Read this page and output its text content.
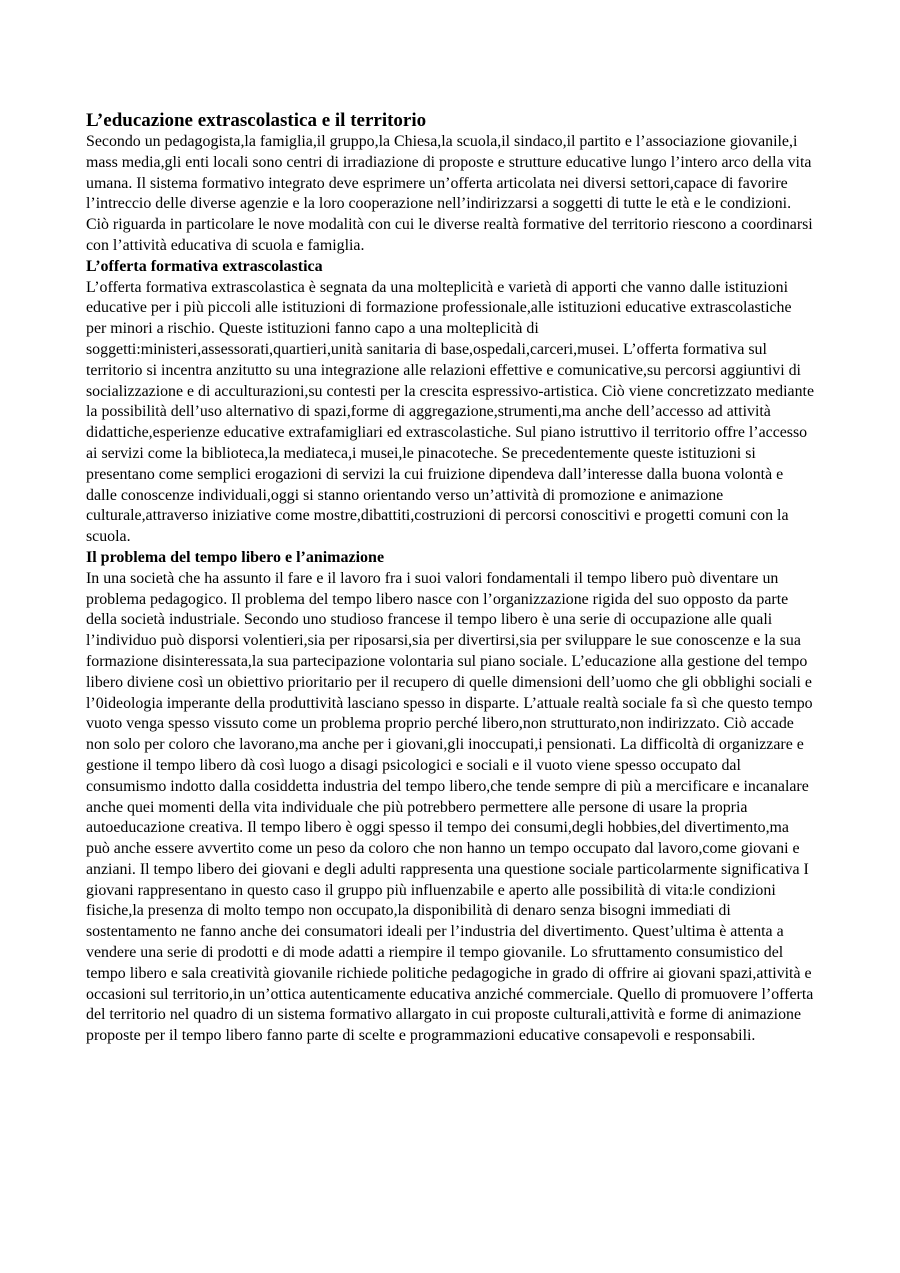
L’educazione extrascolastica e il territorio

Secondo un pedagogista,la famiglia,il gruppo,la Chiesa,la scuola,il sindaco,il partito e l’associazione giovanile,i mass media,gli enti locali sono centri di irradiazione di proposte e strutture educative lungo l’intero arco della vita umana. Il sistema formativo integrato deve esprimere un’offerta articolata nei diversi settori,capace di favorire l’intreccio delle diverse agenzie e la loro cooperazione nell’indirizzarsi a soggetti di tutte le età e le condizioni. Ciò riguarda in particolare le nove modalità con cui le diverse realtà formative del territorio riescono a coordinarsi con l’attività educativa di scuola e famiglia.

L’offerta formativa extrascolastica

L’offerta formativa extrascolastica è segnata da una molteplicità e varietà di apporti che vanno dalle istituzioni educative per i più piccoli alle istituzioni di formazione professionale,alle istituzioni educative extrascolastiche per minori a rischio. Queste istituzioni fanno capo a una molteplicità di soggetti:ministeri,assessorati,quartieri,unità sanitaria di base,ospedali,carceri,musei. L’offerta formativa sul territorio si incentra anzitutto su una integrazione alle relazioni effettive e comunicative,su percorsi aggiuntivi di socializzazione e di acculturazioni,su contesti per la crescita espressivo-artistica. Ciò viene concretizzato mediante la possibilità dell’uso alternativo di spazi,forme di aggregazione,strumenti,ma anche dell’accesso ad attività didattiche,esperienze educative extrafamigliari ed extrascolastiche. Sul piano istruttivo il territorio offre l’accesso ai servizi come la biblioteca,la mediateca,i musei,le pinacoteche. Se precedentemente queste istituzioni si presentano come semplici erogazioni di servizi la cui fruizione dipendeva dall’interesse dalla buona volontà e dalle conoscenze individuali,oggi si stanno orientando verso un’attività di promozione e animazione culturale,attraverso iniziative come mostre,dibattiti,costruzioni di percorsi conoscitivi e progetti comuni con la scuola.

Il problema del tempo libero e l’animazione

In una società che ha assunto il fare e il lavoro fra i suoi valori fondamentali il tempo libero può diventare un problema pedagogico. Il problema del tempo libero nasce con l’organizzazione rigida del suo opposto da parte della società industriale. Secondo uno studioso francese il tempo libero è una serie di occupazione alle quali l’individuo può disporsi volentieri,sia per riposarsi,sia per divertirsi,sia per sviluppare le sue conoscenze e la sua formazione disinteressata,la sua partecipazione volontaria sul piano sociale. L’educazione alla gestione del tempo libero diviene così un obiettivo prioritario per il recupero di quelle dimensioni dell’uomo che gli obblighi sociali e l’0ideologia imperante della produttività lasciano spesso in disparte. L’attuale realtà sociale fa sì che questo tempo vuoto venga spesso vissuto come un problema proprio perché libero,non strutturato,non indirizzato. Ciò accade non solo per coloro che lavorano,ma anche per i giovani,gli inoccupati,i pensionati. La difficoltà di organizzare e gestione il tempo libero dà così luogo a disagi psicologici e sociali e il vuoto viene spesso occupato dal consumismo indotto dalla cosiddetta industria del tempo libero,che tende sempre di più a mercificare e incanalare anche quei momenti della vita individuale che più potrebbero permettere alle persone di usare la propria autoeducazione creativa. Il tempo libero è oggi spesso il tempo dei consumi,degli hobbies,del divertimento,ma può anche essere avvertito come un peso da coloro che non hanno un tempo occupato dal lavoro,come giovani e anziani. Il tempo libero dei giovani e degli adulti rappresenta una questione sociale particolarmente significativa I giovani rappresentano in questo caso il gruppo più influenzabile e aperto alle possibilità di vita:le condizioni fisiche,la presenza di molto tempo non occupato,la disponibilità di denaro senza bisogni immediati di sostentamento ne fanno anche dei consumatori ideali per l’industria del divertimento. Quest’ultima è attenta a vendere una serie di prodotti e di mode adatti a riempire il tempo giovanile. Lo sfruttamento consumistico del tempo libero e sala creatività giovanile richiede politiche pedagogiche in grado di offrire ai giovani spazi,attività e occasioni sul territorio,in un’ottica autenticamente educativa anziché commerciale. Quello di promuovere l’offerta del territorio nel quadro di un sistema formativo allargato in cui proposte culturali,attività e forme di animazione proposte per il tempo libero fanno parte di scelte e programmazioni educative consapevoli e responsabili.
